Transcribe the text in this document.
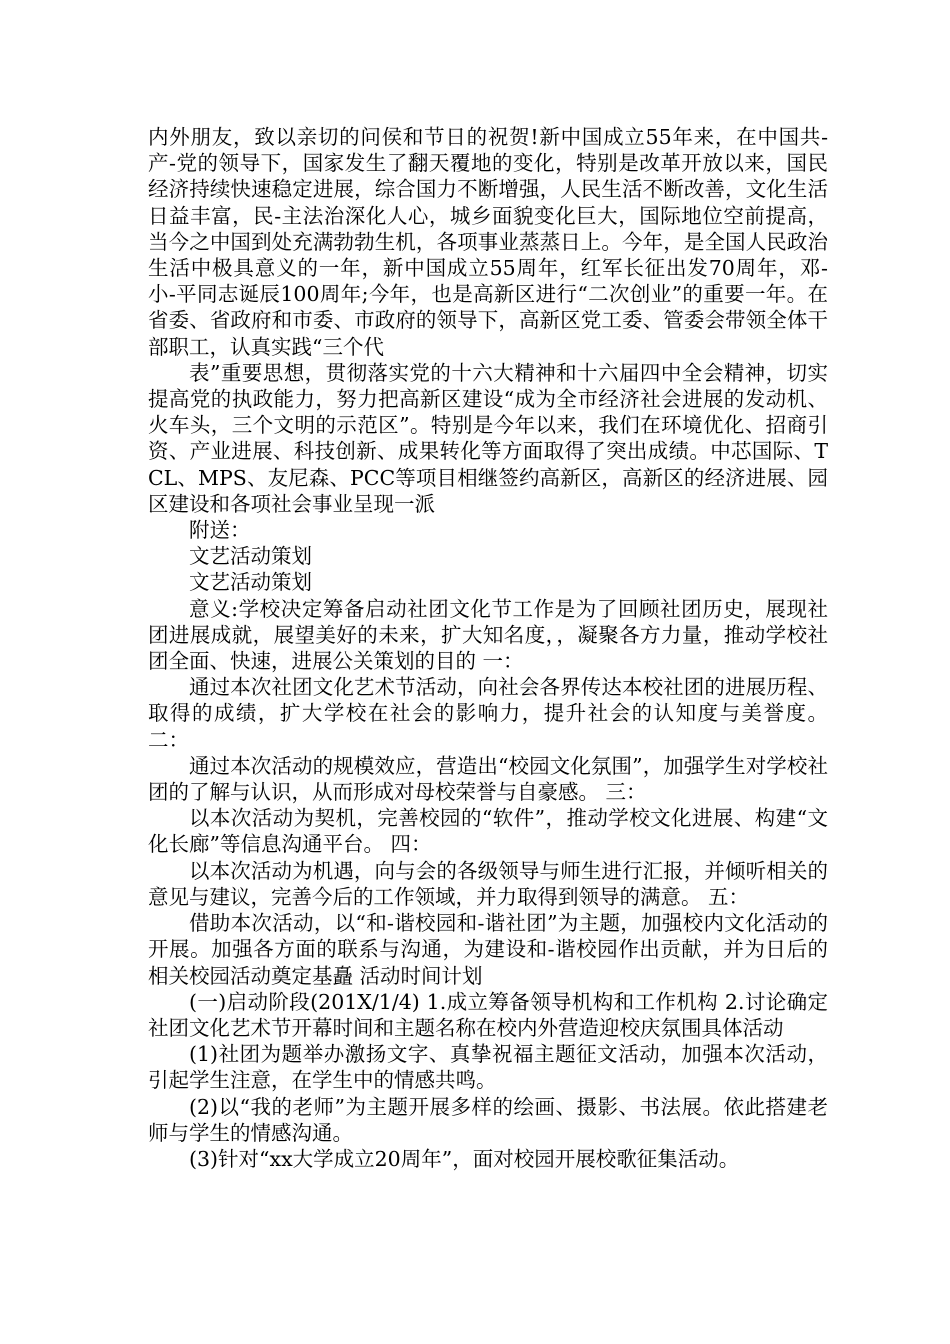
内外朋友，致以亲切的问侯和节日的祝贺!新中国成立55年来，在中国共-产-党的领导下，国家发生了翻天覆地的变化，特别是改革开放以来，国民经济持续快速稳定进展，综合国力不断增强，人民生活不断改善，文化生活日益丰富，民-主法治深化人心，城乡面貌变化巨大，国际地位空前提高，当今之中国到处充满勃勃生机，各项事业蒸蒸日上。今年，是全国人民政治生活中极具意义的一年，新中国成立55周年，红军长征出发70周年，邓-小-平同志诞辰100周年;今年，也是高新区进行“二次创业”的重要一年。在省委、省政府和市委、市政府的领导下，高新区党工委、管委会带领全体干部职工，认真实践“三个代

表”重要思想，贯彻落实党的十六大精神和十六届四中全会精神，切实提高党的执政能力，努力把高新区建设“成为全市经济社会进展的发动机、火车头，三个文明的示范区”。特别是今年以来，我们在环境优化、招商引资、产业进展、科技创新、成果转化等方面取得了突出成绩。中芯国际、TCL、MPS、友尼森、PCC等项目相继签约高新区，高新区的经济进展、园区建设和各项社会事业呈现一派

附送：

文艺活动策划

文艺活动策划

意义:学校决定筹备启动社团文化节工作是为了回顾社团历史，展现社团进展成就，展望美好的未来，扩大知名度，，凝聚各方力量，推动学校社团全面、快速，进展公关策划的目的 一：

通过本次社团文化艺术节活动，向社会各界传达本校社团的进展历程、取得的成绩，扩大学校在社会的影响力，提升社会的认知度与美誉度。 二：

通过本次活动的规模效应，营造出“校园文化氛围”，加强学生对学校社团的了解与认识，从而形成对母校荣誉与自豪感。 三：

以本次活动为契机，完善校园的“软件”，推动学校文化进展、构建“文化长廊”等信息沟通平台。 四：

以本次活动为机遇，向与会的各级领导与师生进行汇报，并倾听相关的意见与建议，完善今后的工作领域，并力取得到领导的满意。 五：

借助本次活动，以“和-谐校园和-谐社团”为主题，加强校内文化活动的开展。加强各方面的联系与沟通，为建设和-谐校园作出贡献，并为日后的相关校园活动奠定基矗 活动时间计划

(一)启动阶段(201X/1/4) 1.成立筹备领导机构和工作机构 2.讨论确定社团文化艺术节开幕时间和主题名称在校内外营造迎校庆氛围具体活动

(1)社团为题举办激扬文字、真挚祝福主题征文活动，加强本次活动，引起学生注意，在学生中的情感共鸣。

(2)以“我的老师”为主题开展多样的绘画、摄影、书法展。依此搭建老师与学生的情感沟通。

(3)针对“xx大学成立20周年”，面对校园开展校歌征集活动。
